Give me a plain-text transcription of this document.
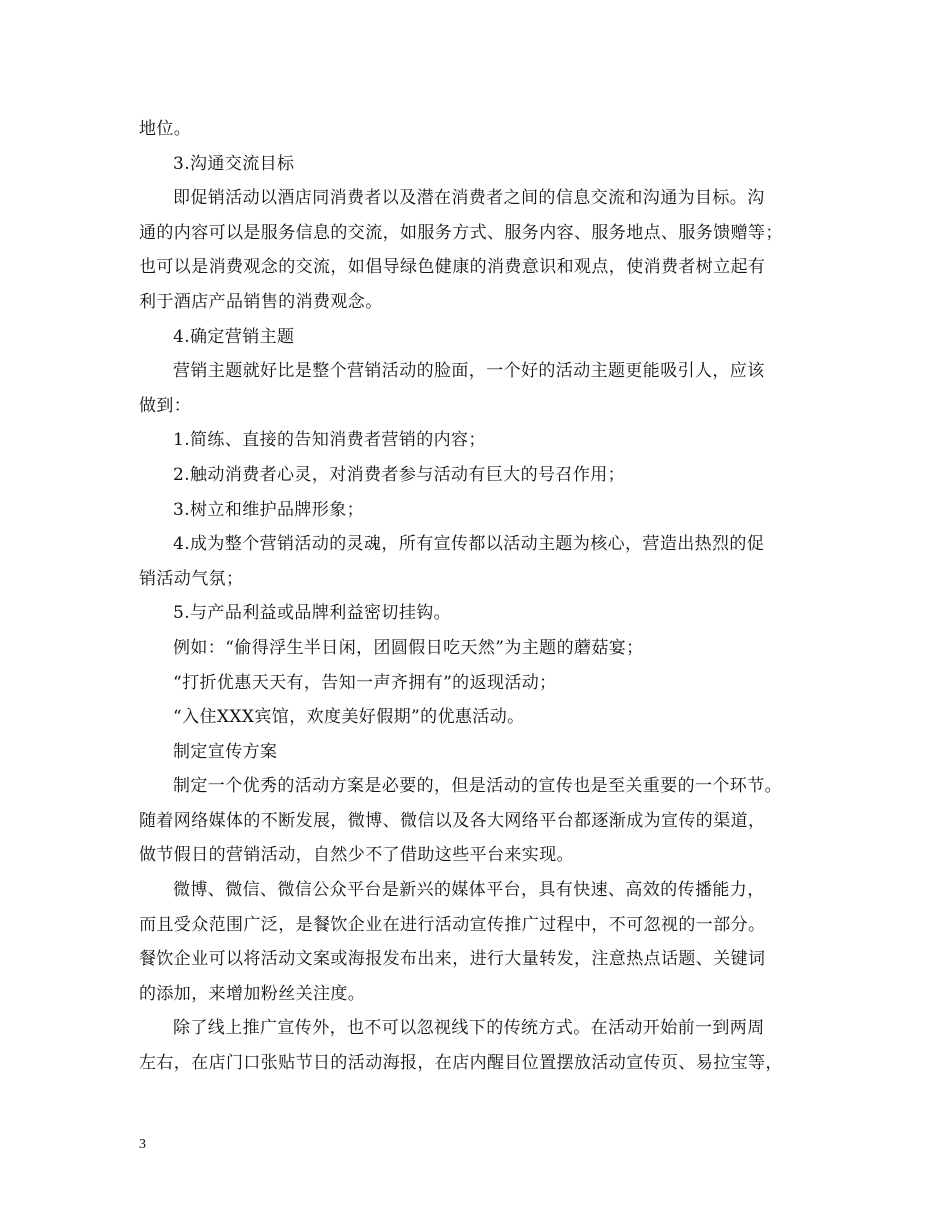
地位。
3.沟通交流目标
即促销活动以酒店同消费者以及潜在消费者之间的信息交流和沟通为目标。沟
通的内容可以是服务信息的交流，如服务方式、服务内容、服务地点、服务馈赠等；
也可以是消费观念的交流，如倡导绿色健康的消费意识和观点，使消费者树立起有
利于酒店产品销售的消费观念。
4.确定营销主题
营销主题就好比是整个营销活动的脸面，一个好的活动主题更能吸引人，应该
做到：
1.简练、直接的告知消费者营销的内容；
2.触动消费者心灵，对消费者参与活动有巨大的号召作用；
3.树立和维护品牌形象；
4.成为整个营销活动的灵魂，所有宣传都以活动主题为核心，营造出热烈的促
销活动气氛；
5.与产品利益或品牌利益密切挂钩。
例如：“偷得浮生半日闲，团圆假日吃天然”为主题的蘑菇宴；
“打折优惠天天有，告知一声齐拥有”的返现活动；
“入住XXX宾馆，欢度美好假期”的优惠活动。
制定宣传方案
制定一个优秀的活动方案是必要的，但是活动的宣传也是至关重要的一个环节。
随着网络媒体的不断发展，微博、微信以及各大网络平台都逐渐成为宣传的渠道，
做节假日的营销活动，自然少不了借助这些平台来实现。
微博、微信、微信公众平台是新兴的媒体平台，具有快速、高效的传播能力，
而且受众范围广泛，是餐饮企业在进行活动宣传推广过程中，不可忽视的一部分。
餐饮企业可以将活动文案或海报发布出来，进行大量转发，注意热点话题、关键词
的添加，来增加粉丝关注度。
除了线上推广宣传外，也不可以忽视线下的传统方式。在活动开始前一到两周
左右，在店门口张贴节日的活动海报，在店内醒目位置摆放活动宣传页、易拉宝等，
3
